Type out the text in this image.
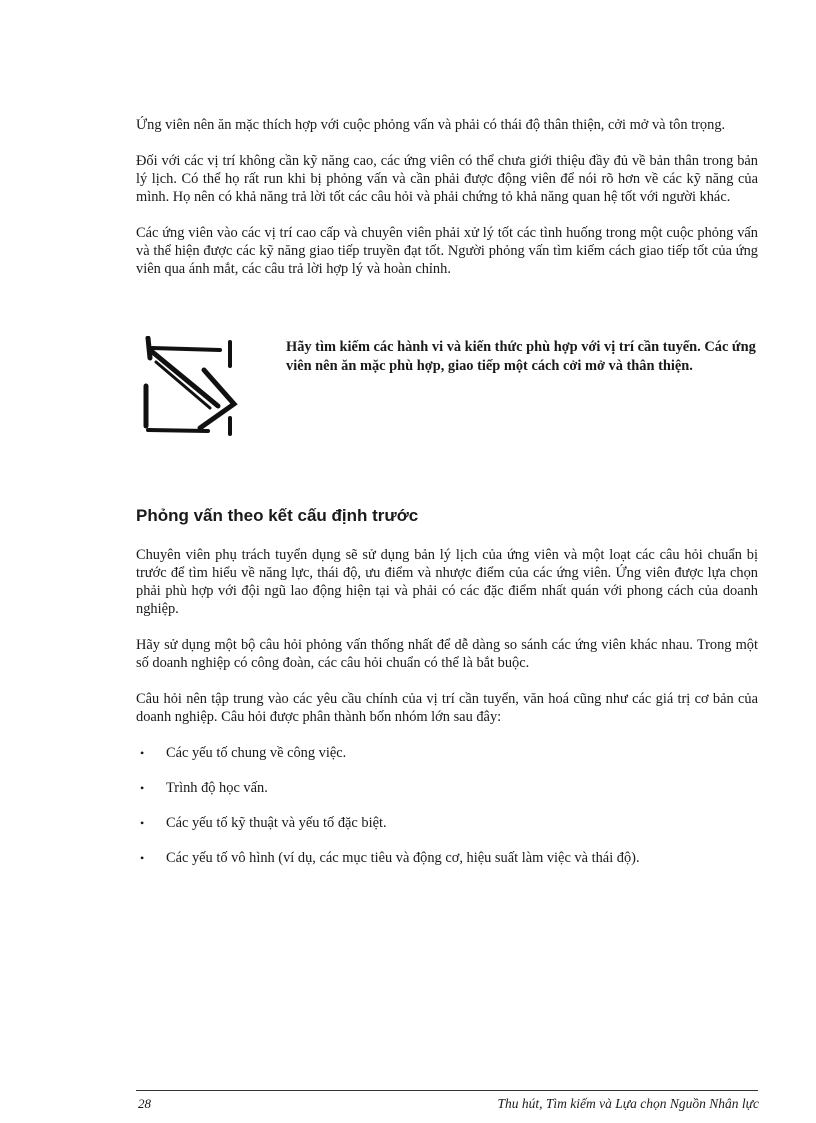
Ứng viên nên ăn mặc thích hợp với cuộc phỏng vấn và phải có thái độ thân thiện, cởi mở và tôn trọng.

Đối với các vị trí không cần kỹ năng cao, các ứng viên có thể chưa giới thiệu đầy đủ về bản thân trong bản lý lịch. Có thể họ rất run khi bị phỏng vấn và cần phải được động viên để nói rõ hơn về các kỹ năng của mình. Họ nên có khả năng trả lời tốt các câu hỏi và phải chứng tỏ khả năng quan hệ tốt với người khác.

Các ứng viên vào các vị trí cao cấp và chuyên viên phải xử lý tốt các tình huống trong một cuộc phỏng vấn và thể hiện được các kỹ năng giao tiếp truyền đạt tốt. Người phỏng vấn tìm kiếm cách giao tiếp tốt của ứng viên qua ánh mắt, các câu trả lời hợp lý và hoàn chỉnh.

Hãy tìm kiếm các hành vi và kiến thức phù hợp với vị trí cần tuyển. Các ứng viên nên ăn mặc phù hợp, giao tiếp một cách cởi mở và thân thiện.

Phỏng vấn theo kết cấu định trước

Chuyên viên phụ trách tuyển dụng sẽ sử dụng bản lý lịch của ứng viên và một loạt các câu hỏi chuẩn bị trước để tìm hiểu về năng lực, thái độ, ưu điểm và nhược điểm của các ứng viên. Ứng viên được lựa chọn phải phù hợp với đội ngũ lao động hiện tại và phải có các đặc điểm nhất quán với phong cách của doanh nghiệp.

Hãy sử dụng một bộ câu hỏi phỏng vấn thống nhất để dễ dàng so sánh các ứng viên khác nhau. Trong một số doanh nghiệp có công đoàn, các câu hỏi chuẩn có thể là bắt buộc.

Câu hỏi nên tập trung vào các yêu cầu chính của vị trí cần tuyển, văn hoá cũng như các giá trị cơ bản của doanh nghiệp. Câu hỏi được phân thành bốn nhóm lớn sau đây:

• Các yếu tố chung về công việc.
• Trình độ học vấn.
• Các yếu tố kỹ thuật và yếu tố đặc biệt.
• Các yếu tố vô hình (ví dụ, các mục tiêu và động cơ, hiệu suất làm việc và thái độ).
28	Thu hút, Tìm kiếm và Lựa chọn Nguồn Nhân lực
